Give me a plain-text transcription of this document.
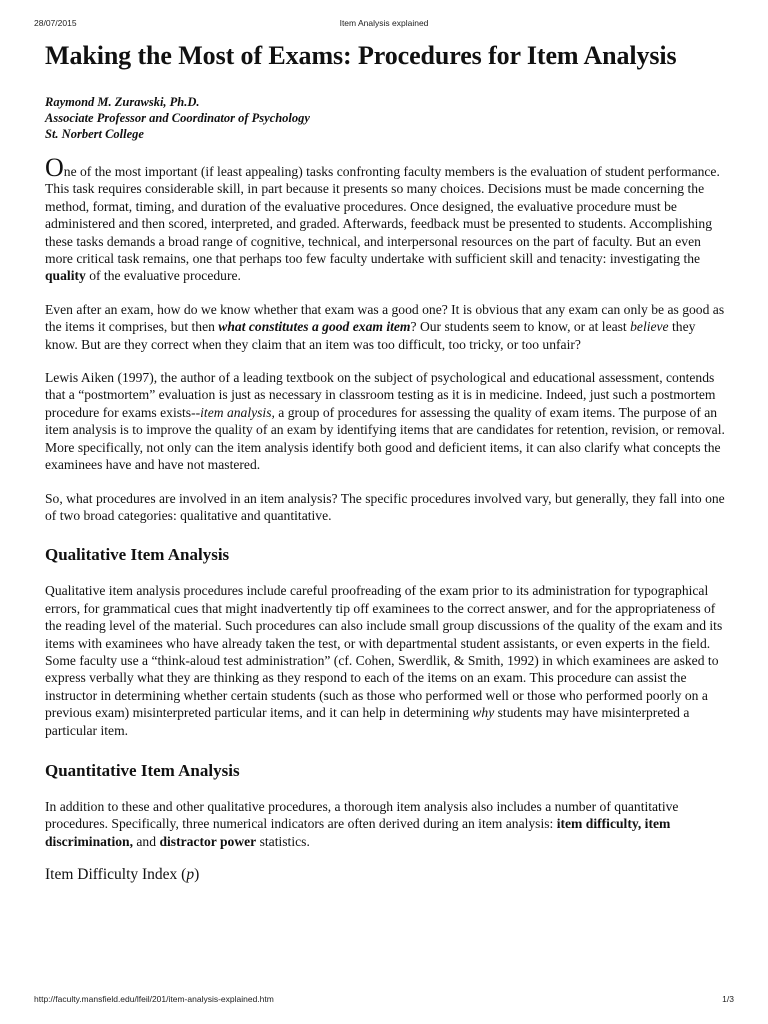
28/07/2015	Item Analysis explained
Making the Most of Exams: Procedures for Item Analysis
Raymond M. Zurawski, Ph.D.
Associate Professor and Coordinator of Psychology
St. Norbert College

One of the most important (if least appealing) tasks confronting faculty members is the evaluation of student performance. This task requires considerable skill, in part because it presents so many choices. Decisions must be made concerning the method, format, timing, and duration of the evaluative procedures. Once designed, the evaluative procedure must be administered and then scored, interpreted, and graded. Afterwards, feedback must be presented to students. Accomplishing these tasks demands a broad range of cognitive, technical, and interpersonal resources on the part of faculty. But an even more critical task remains, one that perhaps too few faculty undertake with sufficient skill and tenacity: investigating the quality of the evaluative procedure.

Even after an exam, how do we know whether that exam was a good one? It is obvious that any exam can only be as good as the items it comprises, but then what constitutes a good exam item? Our students seem to know, or at least believe they know. But are they correct when they claim that an item was too difficult, too tricky, or too unfair?

Lewis Aiken (1997), the author of a leading textbook on the subject of psychological and educational assessment, contends that a “postmortem” evaluation is just as necessary in classroom testing as it is in medicine. Indeed, just such a postmortem procedure for exams exists--item analysis, a group of procedures for assessing the quality of exam items. The purpose of an item analysis is to improve the quality of an exam by identifying items that are candidates for retention, revision, or removal. More specifically, not only can the item analysis identify both good and deficient items, it can also clarify what concepts the examinees have and have not mastered.

So, what procedures are involved in an item analysis? The specific procedures involved vary, but generally, they fall into one of two broad categories: qualitative and quantitative.

Qualitative Item Analysis

Qualitative item analysis procedures include careful proofreading of the exam prior to its administration for typographical errors, for grammatical cues that might inadvertently tip off examinees to the correct answer, and for the appropriateness of the reading level of the material. Such procedures can also include small group discussions of the quality of the exam and its items with examinees who have already taken the test, or with departmental student assistants, or even experts in the field. Some faculty use a “think-aloud test administration” (cf. Cohen, Swerdlik, & Smith, 1992) in which examinees are asked to express verbally what they are thinking as they respond to each of the items on an exam. This procedure can assist the instructor in determining whether certain students (such as those who performed well or those who performed poorly on a previous exam) misinterpreted particular items, and it can help in determining why students may have misinterpreted a particular item.

Quantitative Item Analysis

In addition to these and other qualitative procedures, a thorough item analysis also includes a number of quantitative procedures. Specifically, three numerical indicators are often derived during an item analysis: item difficulty, item discrimination, and distractor power statistics.

Item Difficulty Index (p)
http://faculty.mansfield.edu/lfeil/201/item-analysis-explained.htm	1/3
